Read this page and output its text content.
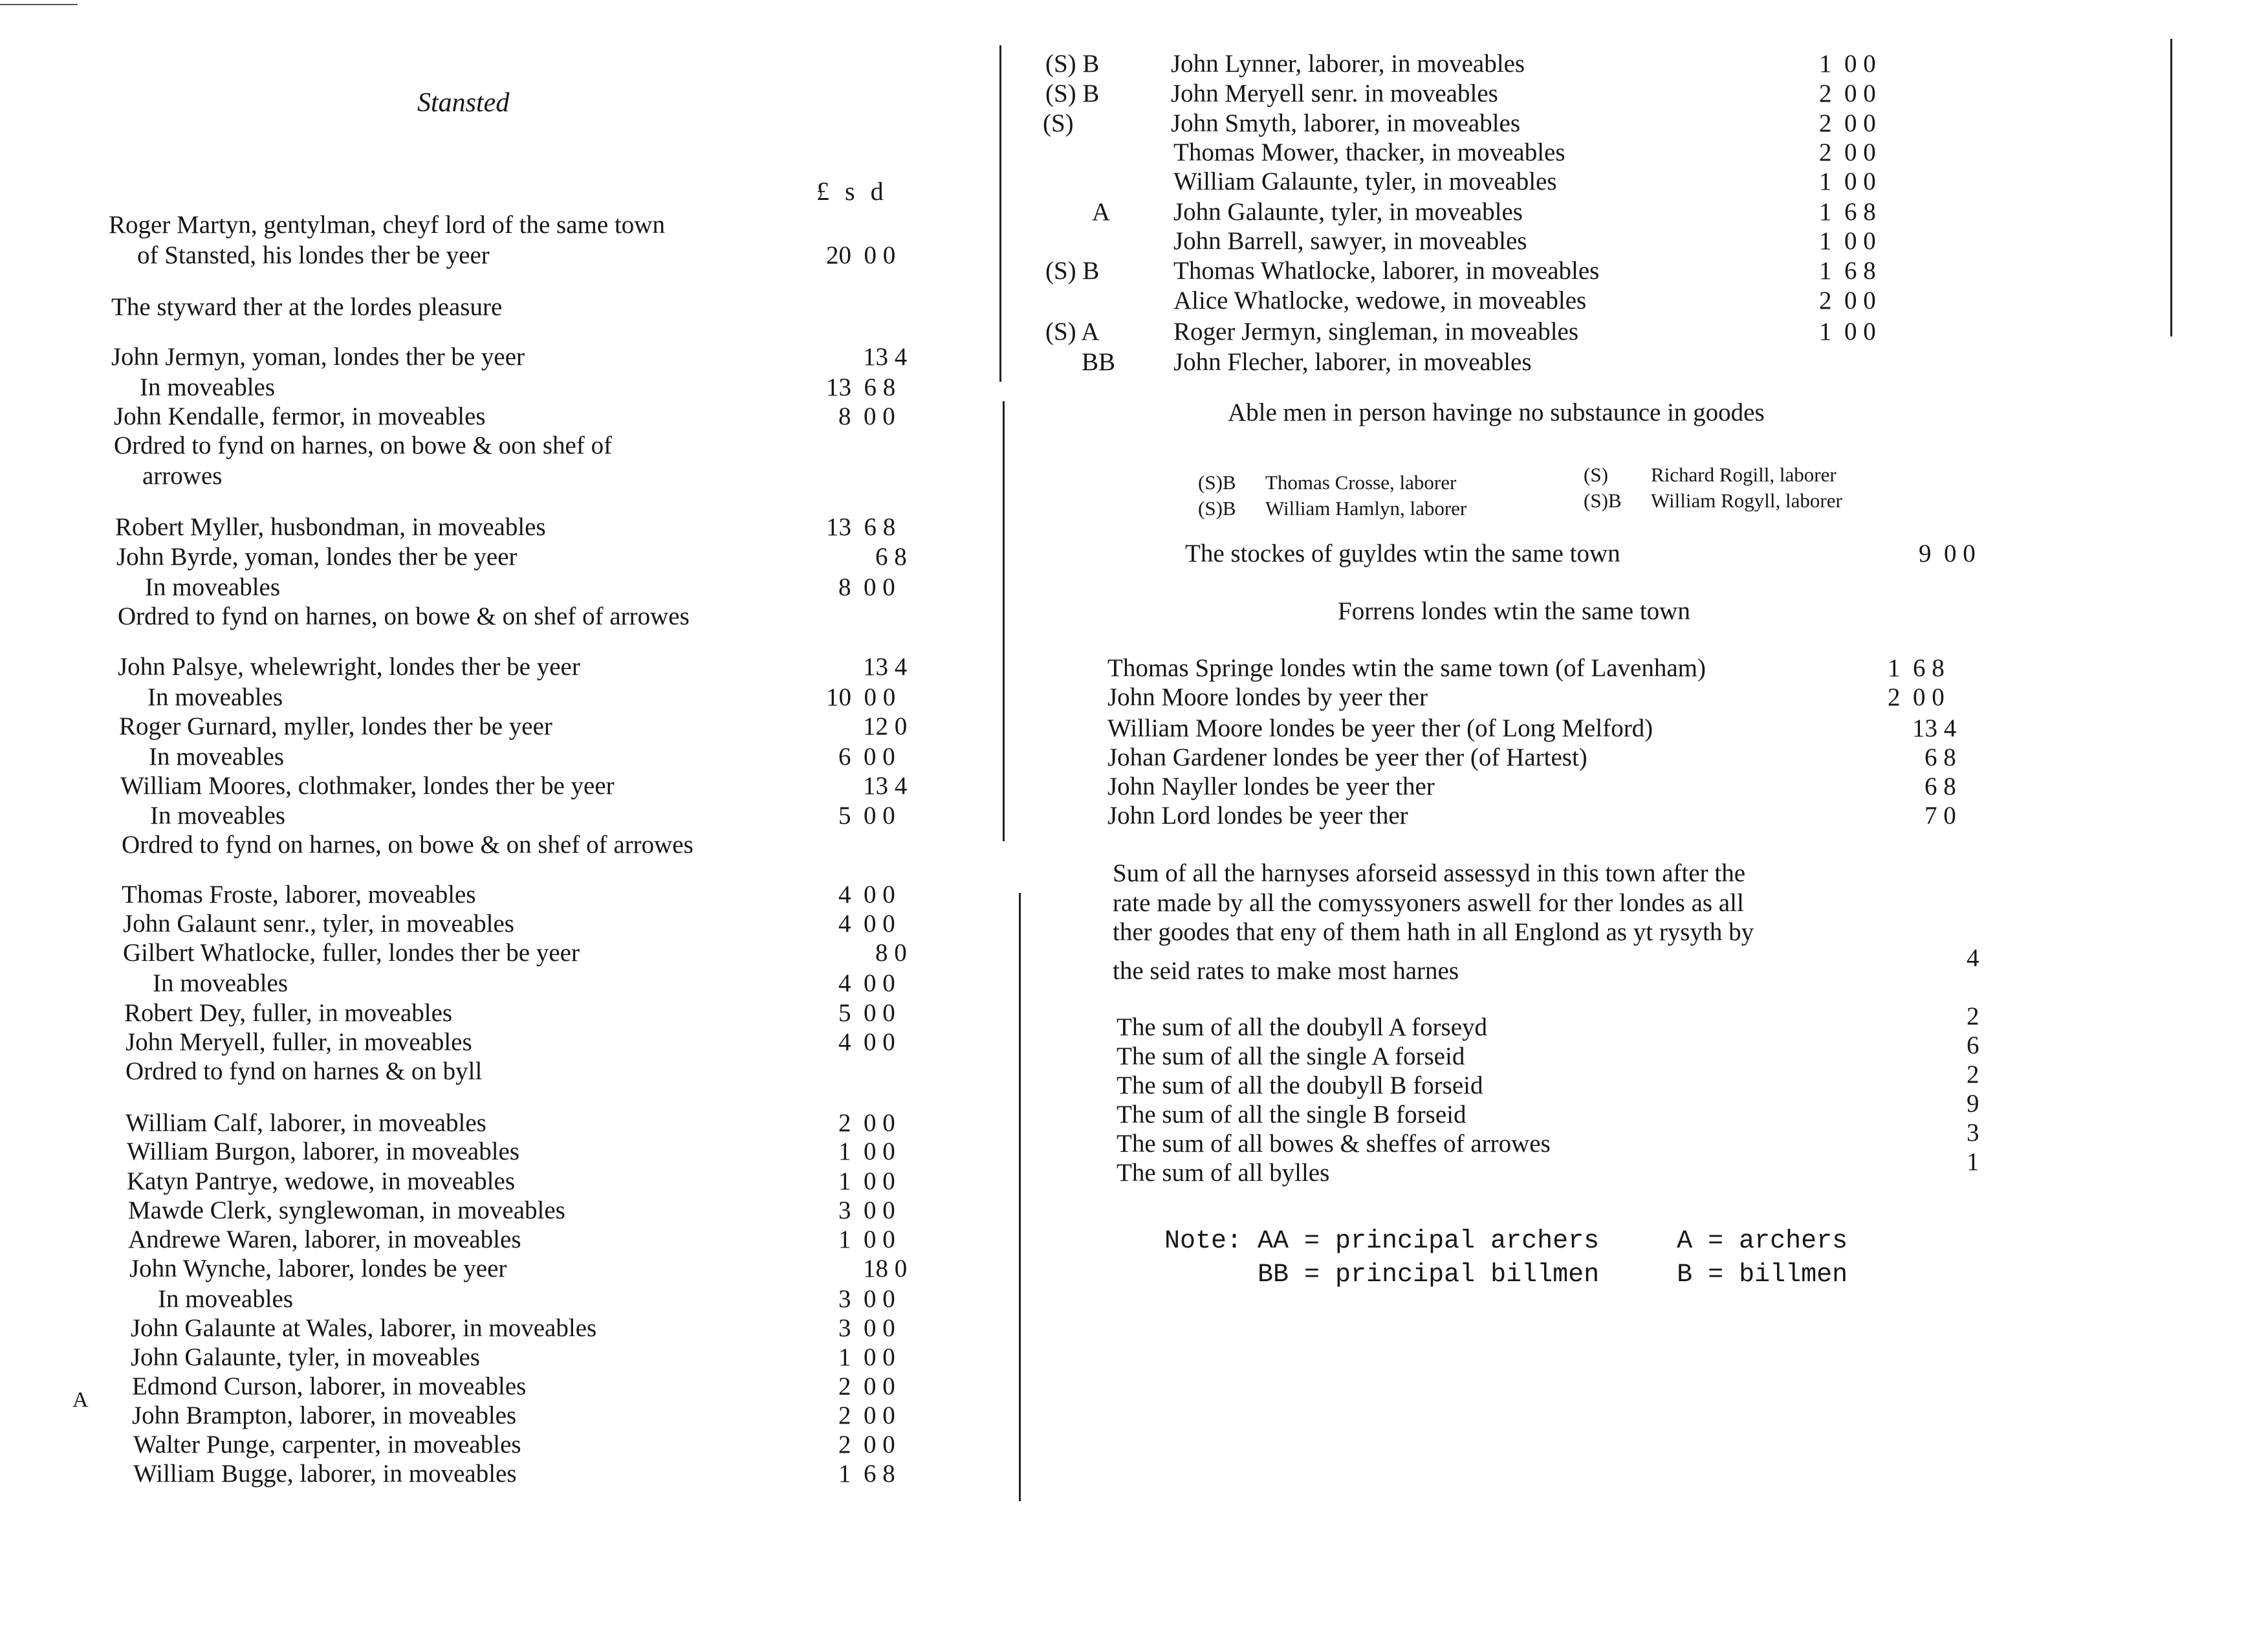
Stansted
£ s d
Roger Martyn, gentylman, cheyf lord of the same town
of Stansted, his londes ther be yeer	20  0 0
The styward ther at the lordes pleasure
John Jermyn, yoman, londes ther be yeer	13 4
In moveables	13  6 8
John Kendalle, fermor, in moveables	8  0 0
Ordred to fynd on harnes, on bowe & oon shef of
arrowes
Robert Myller, husbondman, in moveables	13  6 8
John Byrde, yoman, londes ther be yeer	6 8
In moveables	8  0 0
Ordred to fynd on harnes, on bowe & on shef of arrowes
John Palsye, whelewright, londes ther be yeer	13 4
In moveables	10  0 0
Roger Gurnard, myller, londes ther be yeer	12 0
In moveables	6  0 0
William Moores, clothmaker, londes ther be yeer	13 4
In moveables	5  0 0
Ordred to fynd on harnes, on bowe & on shef of arrowes
Thomas Froste, laborer, moveables	4  0 0
John Galaunt senr., tyler, in moveables	4  0 0
Gilbert Whatlocke, fuller, londes ther be yeer	8 0
In moveables	4  0 0
Robert Dey, fuller, in moveables	5  0 0
John Meryell, fuller, in moveables	4  0 0
Ordred to fynd on harnes & on byll
William Calf, laborer, in moveables	2  0 0
William Burgon, laborer, in moveables	1  0 0
Katyn Pantrye, wedowe, in moveables	1  0 0
Mawde Clerk, synglewoman, in moveables	3  0 0
Andrewe Waren, laborer, in moveables	1  0 0
John Wynche, laborer, londes be yeer	18 0
In moveables	3  0 0
John Galaunte at Wales, laborer, in moveables	3  0 0
John Galaunte, tyler, in moveables	1  0 0
Edmond Curson, laborer, in moveables	2  0 0
John Brampton, laborer, in moveables	2  0 0
Walter Punge, carpenter, in moveables	2  0 0
William Bugge, laborer, in moveables	1  6 8
A
(S) B	John Lynner, laborer, in moveables	1  0 0
(S) B	John Meryell senr. in moveables	2  0 0
(S)	John Smyth, laborer, in moveables	2  0 0
Thomas Mower, thacker, in moveables	2  0 0
William Galaunte, tyler, in moveables	1  0 0
A	John Galaunte, tyler, in moveables	1  6 8
John Barrell, sawyer, in moveables	1  0 0
(S) B	Thomas Whatlocke, laborer, in moveables	1  6 8
Alice Whatlocke, wedowe, in moveables	2  0 0
(S) A	Roger Jermyn, singleman, in moveables	1  0 0
BB	John Flecher, laborer, in moveables
Able men in person havinge no substaunce in goodes
(S)B	Thomas Crosse, laborer
(S)B	William Hamlyn, laborer
(S)	Richard Rogill, laborer
(S)B	William Rogyll, laborer
The stockes of guyldes wtin the same town	9  0 0
Forrens londes wtin the same town
Thomas Springe londes wtin the same town (of Lavenham)	1  6 8
John Moore londes by yeer ther	2  0 0
William Moore londes be yeer ther (of Long Melford)	13 4
Johan Gardener londes be yeer ther (of Hartest)	6 8
John Nayller londes be yeer ther	6 8
John Lord londes be yeer ther	7 0
Sum of all the harnyses aforseid assessyd in this town after the
rate made by all the comyssyoners aswell for ther londes as all
ther goodes that eny of them hath in all Englond as yt rysyth by
the seid rates to make most harnes	4
The sum of all the doubyll A forseyd	2
The sum of all the single A forseid	6
The sum of all the doubyll B forseid	2
The sum of all the single B forseid	9
The sum of all bowes & sheffes of arrowes	3
The sum of all bylles	1
Note: AA = principal archers     A = archers
BB = principal billmen     B = billmen
